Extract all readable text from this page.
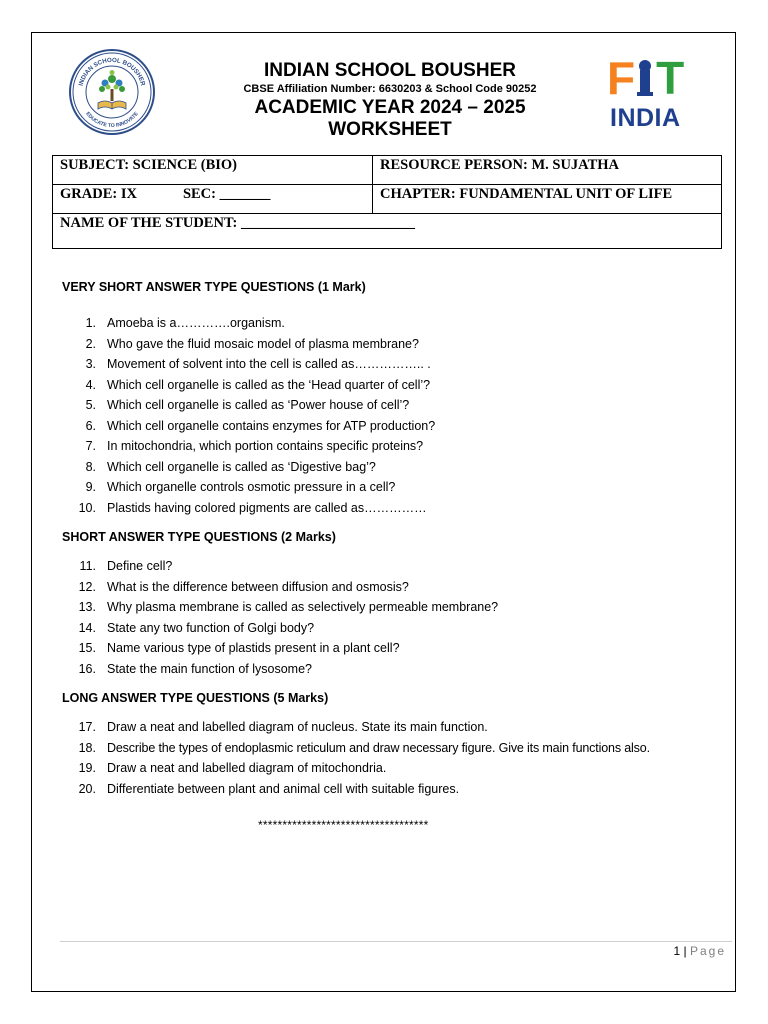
INDIAN SCHOOL BOUSHER
EDUCATE TO INNOVATE
INDIAN SCHOOL BOUSHER
CBSE Affiliation Number: 6630203 & School Code 90252
ACADEMIC YEAR 2024 – 2025
WORKSHEET
F T
INDIA
SUBJECT: SCIENCE (BIO)	RESOURCE PERSON: M. SUJATHA
GRADE: IX SEC: _______	CHAPTER: FUNDAMENTAL UNIT OF LIFE
NAME OF THE STUDENT: ________________________	

VERY SHORT ANSWER TYPE QUESTIONS (1 Mark)

1. Amoeba is a………….organism.
2. Who gave the fluid mosaic model of plasma membrane?
3. Movement of solvent into the cell is called as…………….. .
4. Which cell organelle is called as the ‘Head quarter of cell’?
5. Which cell organelle is called as ‘Power house of cell’?
6. Which cell organelle contains enzymes for ATP production?
7. In mitochondria, which portion contains specific proteins?
8. Which cell organelle is called as ‘Digestive bag’?
9. Which organelle controls osmotic pressure in a cell?
10. Plastids having colored pigments are called as……………

SHORT ANSWER TYPE QUESTIONS (2 Marks)

11. Define cell?
12. What is the difference between diffusion and osmosis?
13. Why plasma membrane is called as selectively permeable membrane?
14. State any two function of Golgi body?
15. Name various type of plastids present in a plant cell?
16. State the main function of lysosome?

LONG ANSWER TYPE QUESTIONS (5 Marks)

17. Draw a neat and labelled diagram of nucleus. State its main function.
18. Describe the types of endoplasmic reticulum and draw necessary figure. Give its main functions also.
19. Draw a neat and labelled diagram of mitochondria.
20. Differentiate between plant and animal cell with suitable figures.
***********************************
1 | Page
